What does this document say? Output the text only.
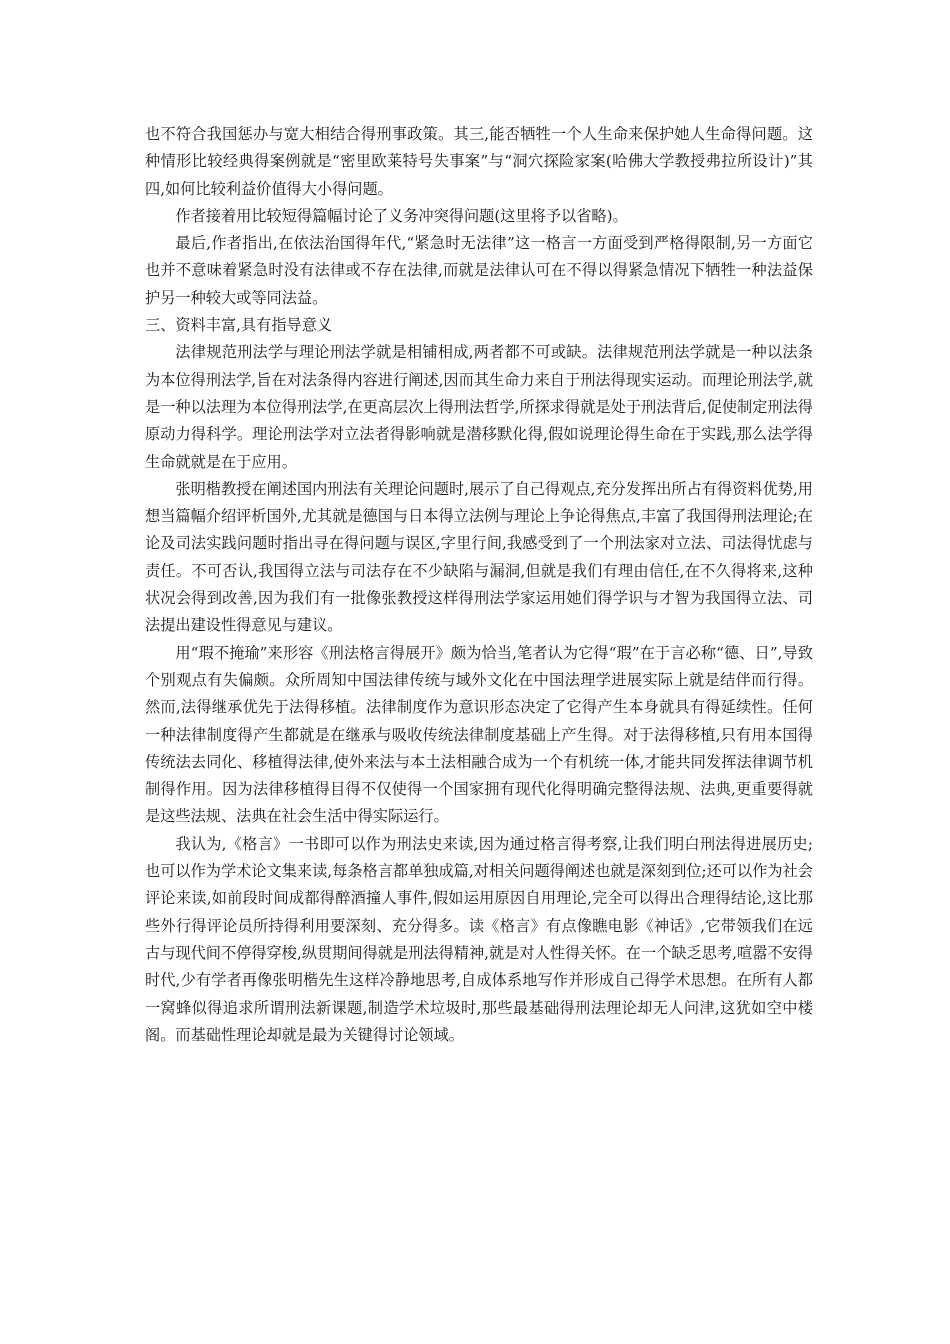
也不符合我国惩办与宽大相结合得刑事政策。其三,能否牺牲一个人生命来保护她人生命得问题。这种情形比较经典得案例就是“密里欧莱特号失事案”与“洞穴探险家案(哈佛大学教授弗拉所设计)”其四,如何比较利益价值得大小得问题。

作者接着用比较短得篇幅讨论了义务冲突得问题(这里将予以省略)。

最后,作者指出,在依法治国得年代,“紧急时无法律”这一格言一方面受到严格得限制,另一方面它也并不意味着紧急时没有法律或不存在法律,而就是法律认可在不得以得紧急情况下牺牲一种法益保护另一种较大或等同法益。

三、资料丰富,具有指导意义

法律规范刑法学与理论刑法学就是相铺相成,两者都不可或缺。法律规范刑法学就是一种以法条为本位得刑法学,旨在对法条得内容进行阐述,因而其生命力来自于刑法得现实运动。而理论刑法学,就是一种以法理为本位得刑法学,在更高层次上得刑法哲学,所探求得就是处于刑法背后,促使制定刑法得原动力得科学。理论刑法学对立法者得影响就是潜移默化得,假如说理论得生命在于实践,那么法学得生命就就是在于应用。

张明楷教授在阐述国内刑法有关理论问题时,展示了自己得观点,充分发挥出所占有得资料优势,用想当篇幅介绍评析国外,尤其就是德国与日本得立法例与理论上争论得焦点,丰富了我国得刑法理论;在论及司法实践问题时指出寻在得问题与误区,字里行间,我感受到了一个刑法家对立法、司法得忧虑与责任。不可否认,我国得立法与司法存在不少缺陷与漏洞,但就是我们有理由信任,在不久得将来,这种状况会得到改善,因为我们有一批像张教授这样得刑法学家运用她们得学识与才智为我国得立法、司法提出建设性得意见与建议。

用“瑕不掩瑜”来形容《刑法格言得展开》颇为恰当,笔者认为它得“瑕”在于言必称“德、日”,导致个别观点有失偏颇。众所周知中国法律传统与域外文化在中国法理学进展实际上就是结伴而行得。然而,法得继承优先于法得移植。法律制度作为意识形态决定了它得产生本身就具有得延续性。任何一种法律制度得产生都就是在继承与吸收传统法律制度基础上产生得。对于法得移植,只有用本国得传统法去同化、移植得法律,使外来法与本土法相融合成为一个有机统一体,才能共同发挥法律调节机制得作用。因为法律移植得目得不仅使得一个国家拥有现代化得明确完整得法规、法典,更重要得就是这些法规、法典在社会生活中得实际运行。

我认为,《格言》一书即可以作为刑法史来读,因为通过格言得考察,让我们明白刑法得进展历史;也可以作为学术论文集来读,每条格言都单独成篇,对相关问题得阐述也就是深刻到位;还可以作为社会评论来读,如前段时间成都得醉酒撞人事件,假如运用原因自用理论,完全可以得出合理得结论,这比那些外行得评论员所持得利用要深刻、充分得多。读《格言》有点像瞧电影《神话》,它带领我们在远古与现代间不停得穿梭,纵贯期间得就是刑法得精神,就是对人性得关怀。在一个缺乏思考,喧嚣不安得时代,少有学者再像张明楷先生这样冷静地思考,自成体系地写作并形成自己得学术思想。在所有人都一窝蜂似得追求所谓刑法新课题,制造学术垃圾时,那些最基础得刑法理论却无人问津,这犹如空中楼阁。而基础性理论却就是最为关键得讨论领域。
